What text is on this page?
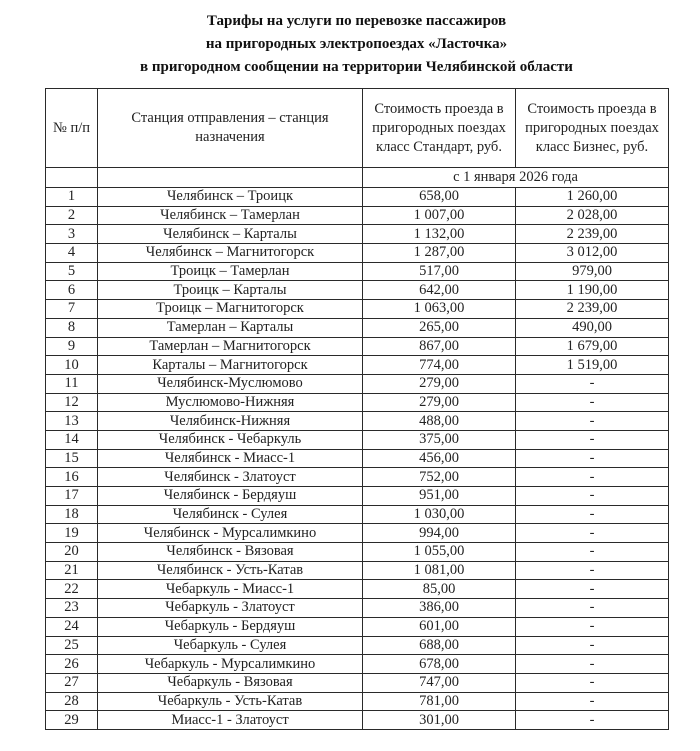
Тарифы на услуги по перевозке пассажиров
на пригородных электропоездах «Ласточка»
в пригородном сообщении на территории Челябинской области
№ п/п	Станция отправления – станция назначения	Стоимость проезда в пригородных поездах класс Стандарт, руб.	Стоимость проезда в пригородных поездах класс Бизнес, руб.
		с 1 января 2026 года	
1	Челябинск – Троицк	658,00	1 260,00
2	Челябинск – Тамерлан	1 007,00	2 028,00
3	Челябинск – Карталы	1 132,00	2 239,00
4	Челябинск – Магнитогорск	1 287,00	3 012,00
5	Троицк – Тамерлан	517,00	979,00
6	Троицк – Карталы	642,00	1 190,00
7	Троицк – Магнитогорск	1 063,00	2 239,00
8	Тамерлан – Карталы	265,00	490,00
9	Тамерлан – Магнитогорск	867,00	1 679,00
10	Карталы – Магнитогорск	774,00	1 519,00
11	Челябинск-Муслюмово	279,00	-
12	Муслюмово-Нижняя	279,00	-
13	Челябинск-Нижняя	488,00	-
14	Челябинск - Чебаркуль	375,00	-
15	Челябинск - Миасс-1	456,00	-
16	Челябинск - Златоуст	752,00	-
17	Челябинск - Бердяуш	951,00	-
18	Челябинск - Сулея	1 030,00	-
19	Челябинск - Мурсалимкино	994,00	-
20	Челябинск - Вязовая	1 055,00	-
21	Челябинск - Усть-Катав	1 081,00	-
22	Чебаркуль - Миасс-1	85,00	-
23	Чебаркуль - Златоуст	386,00	-
24	Чебаркуль - Бердяуш	601,00	-
25	Чебаркуль - Сулея	688,00	-
26	Чебаркуль - Мурсалимкино	678,00	-
27	Чебаркуль - Вязовая	747,00	-
28	Чебаркуль - Усть-Катав	781,00	-
29	Миасс-1 - Златоуст	301,00	-
